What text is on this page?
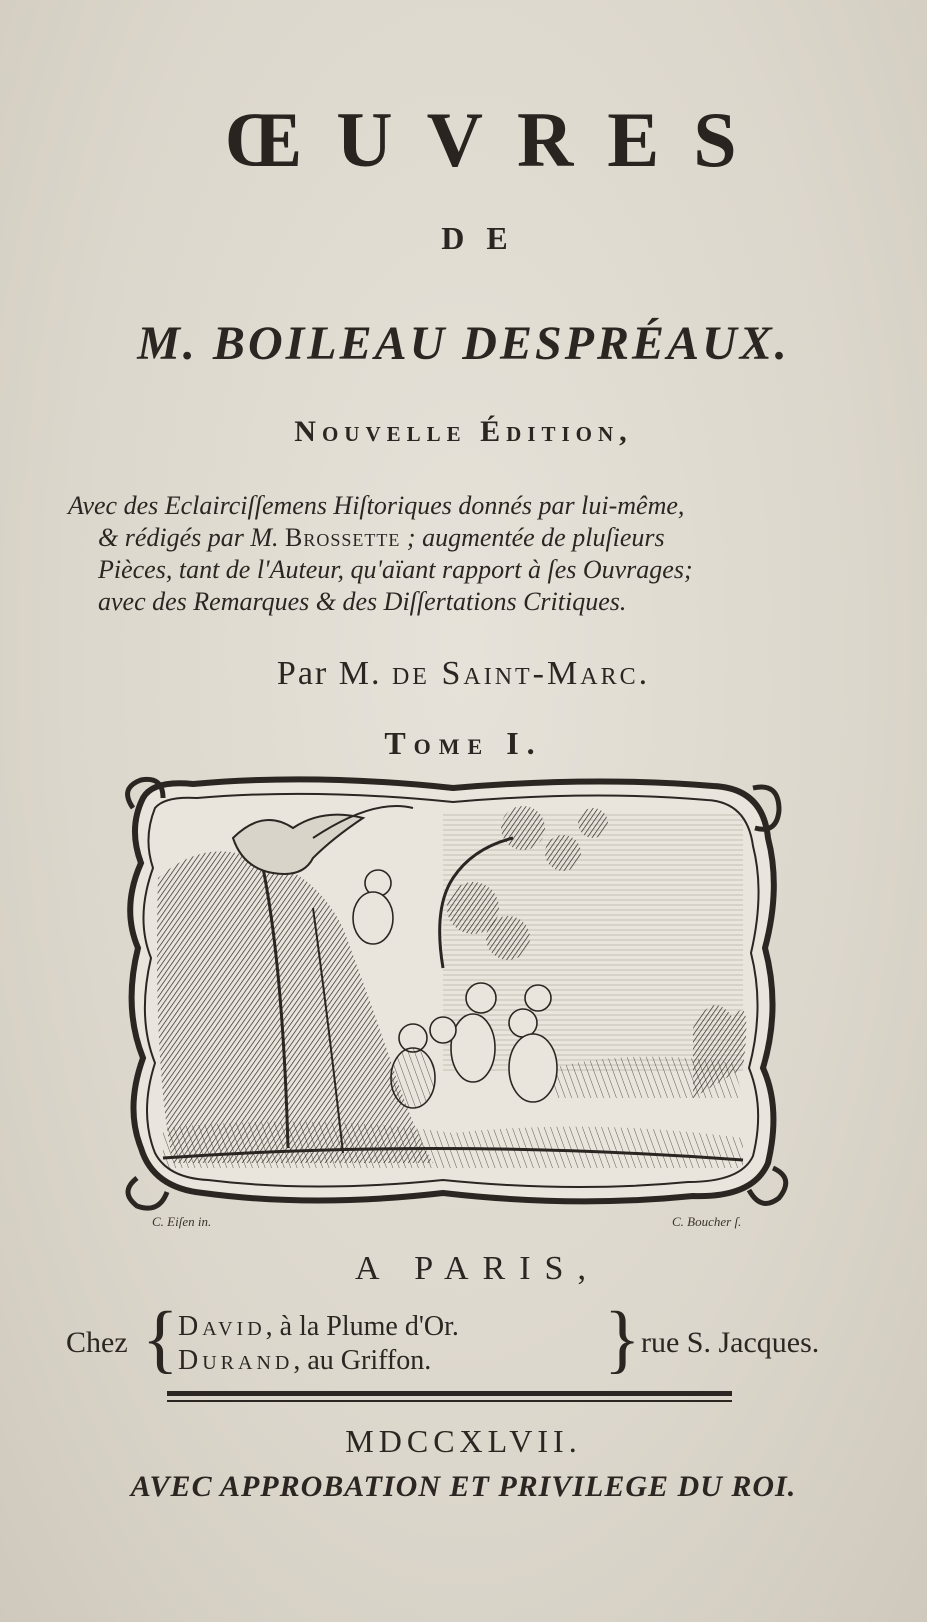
ŒUVRES
DE
M. BOILEAU DESPRÉAUX.
Nouvelle Édition,
Avec des Eclairciſſemens Hiſtoriques donnés par lui-même,
& rédigés par M. Brossette ; augmentée de pluſieurs
Pièces, tant de l'Auteur, qu'aïant rapport à ſes Ouvrages;
avec des Remarques & des Diſſertations Critiques.
Par M. de Saint-Marc.
Tome I.
C. Eiſen in.	C. Boucher ſ.
A PARIS,
Chez { David, à la Plume d'Or.
Durand, au Griffon.	} rue S. Jacques.
MDCCXLVII.
AVEC APPROBATION ET PRIVILEGE DU ROI.
